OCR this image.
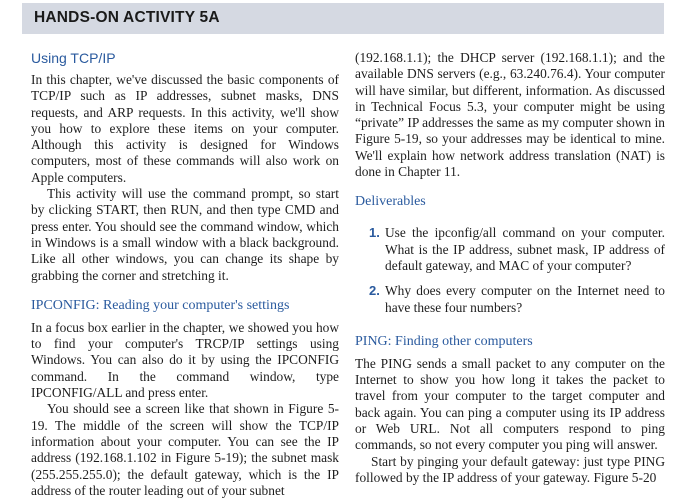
HANDS-ON ACTIVITY 5A
Using TCP/IP

In this chapter, we've discussed the basic components of TCP/IP such as IP addresses, subnet masks, DNS requests, and ARP requests. In this activity, we'll show you how to explore these items on your computer. Although this activity is designed for Windows computers, most of these commands will also work on Apple computers.

This activity will use the command prompt, so start by clicking START, then RUN, and then type CMD and press enter. You should see the command window, which in Windows is a small window with a black background. Like all other windows, you can change its shape by grabbing the corner and stretching it.

IPCONFIG: Reading your computer's settings

In a focus box earlier in the chapter, we showed you how to find your computer's TRCP/IP settings using Windows. You can also do it by using the IPCONFIG command. In the command window, type IPCONFIG/ALL and press enter.

You should see a screen like that shown in Figure 5-19. The middle of the screen will show the TCP/IP information about your computer. You can see the IP address (192.168.1.102 in Figure 5-19); the subnet mask (255.255.255.0); the default gateway, which is the IP address of the router leading out of your subnet

(192.168.1.1); the DHCP server (192.168.1.1); and the available DNS servers (e.g., 63.240.76.4). Your computer will have similar, but different, information. As discussed in Technical Focus 5.3, your computer might be using “private” IP addresses the same as my computer shown in Figure 5-19, so your addresses may be identical to mine. We'll explain how network address translation (NAT) is done in Chapter 11.

Deliverables
1. Use the ipconfig/all command on your computer. What is the IP address, subnet mask, IP address of default gateway, and MAC of your computer?
2. Why does every computer on the Internet need to have these four numbers?
PING: Finding other computers

The PING sends a small packet to any computer on the Internet to show you how long it takes the packet to travel from your computer to the target computer and back again. You can ping a computer using its IP address or Web URL. Not all computers respond to ping commands, so not every computer you ping will answer.

Start by pinging your default gateway: just type PING followed by the IP address of your gateway. Figure 5-20
